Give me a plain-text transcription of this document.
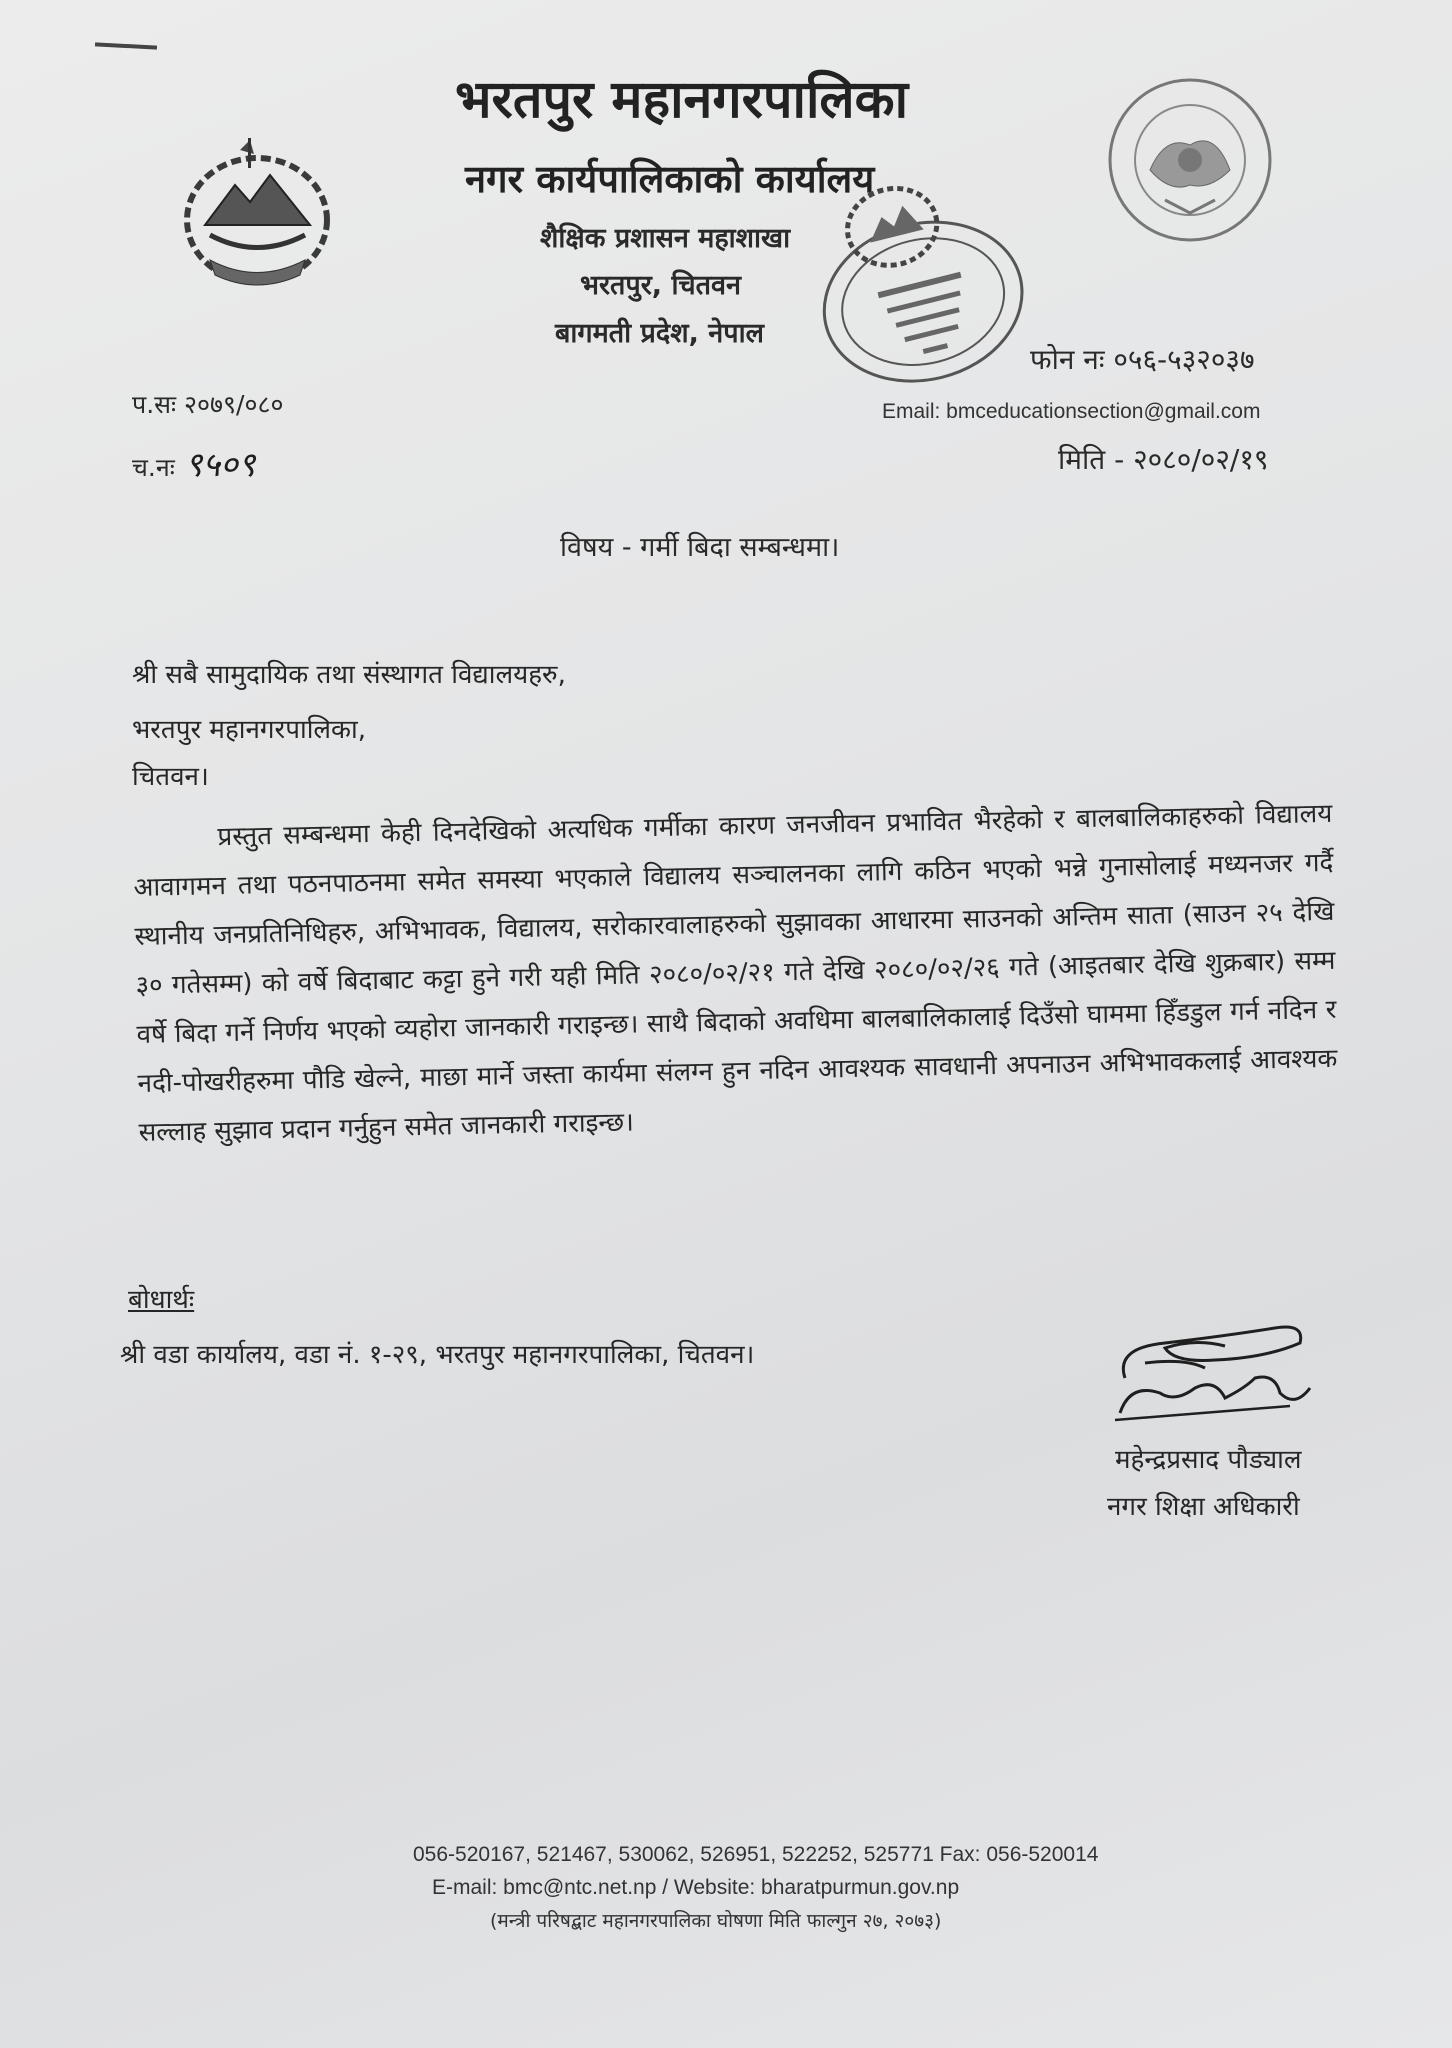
भरतपुर महानगरपालिका
नगर कार्यपालिकाको कार्यालय
शैक्षिक प्रशासन महाशाखा
भरतपुर, चितवन
बागमती प्रदेश, नेपाल
फोन नः ०५६-५३२०३७
Email: bmceducationsection@gmail.com
मिति - २०८०/०२/१९
प.सः २०७९/०८०
च.नः ९५०९
विषय - गर्मी बिदा सम्बन्धमा।
श्री सबै सामुदायिक तथा संस्थागत विद्यालयहरु,
भरतपुर महानगरपालिका,
चितवन।
प्रस्तुत सम्बन्धमा केही दिनदेखिको अत्यधिक गर्मीका कारण जनजीवन प्रभावित भैरहेको र बालबालिकाहरुको विद्यालय आवागमन तथा पठनपाठनमा समेत समस्या भएकाले विद्यालय सञ्चालनका लागि कठिन भएको भन्ने गुनासोलाई मध्यनजर गर्दै स्थानीय जनप्रतिनिधिहरु, अभिभावक, विद्यालय, सरोकारवालाहरुको सुझावका आधारमा साउनको अन्तिम साता (साउन २५ देखि ३० गतेसम्म) को वर्षे बिदाबाट कट्टा हुने गरी यही मिति २०८०/०२/२१ गते देखि २०८०/०२/२६ गते (आइतबार देखि शुक्रबार) सम्म वर्षे बिदा गर्ने निर्णय भएको व्यहोरा जानकारी गराइन्छ। साथै बिदाको अवधिमा बालबालिकालाई दिउँसो घाममा हिँडडुल गर्न नदिन र नदी-पोखरीहरुमा पौडि खेल्ने, माछा मार्ने जस्ता कार्यमा संलग्न हुन नदिन आवश्यक सावधानी अपनाउन अभिभावकलाई आवश्यक सल्लाह सुझाव प्रदान गर्नुहुन समेत जानकारी गराइन्छ।
बोधार्थः
श्री वडा कार्यालय, वडा नं. १-२९, भरतपुर महानगरपालिका, चितवन।
महेन्द्रप्रसाद पौड्याल
नगर शिक्षा अधिकारी
056-520167, 521467, 530062, 526951, 522252, 525771 Fax: 056-520014
E-mail: bmc@ntc.net.np / Website: bharatpurmun.gov.np
(मन्त्री परिषद्बाट महानगरपालिका घोषणा मिति फाल्गुन २७, २०७३)
